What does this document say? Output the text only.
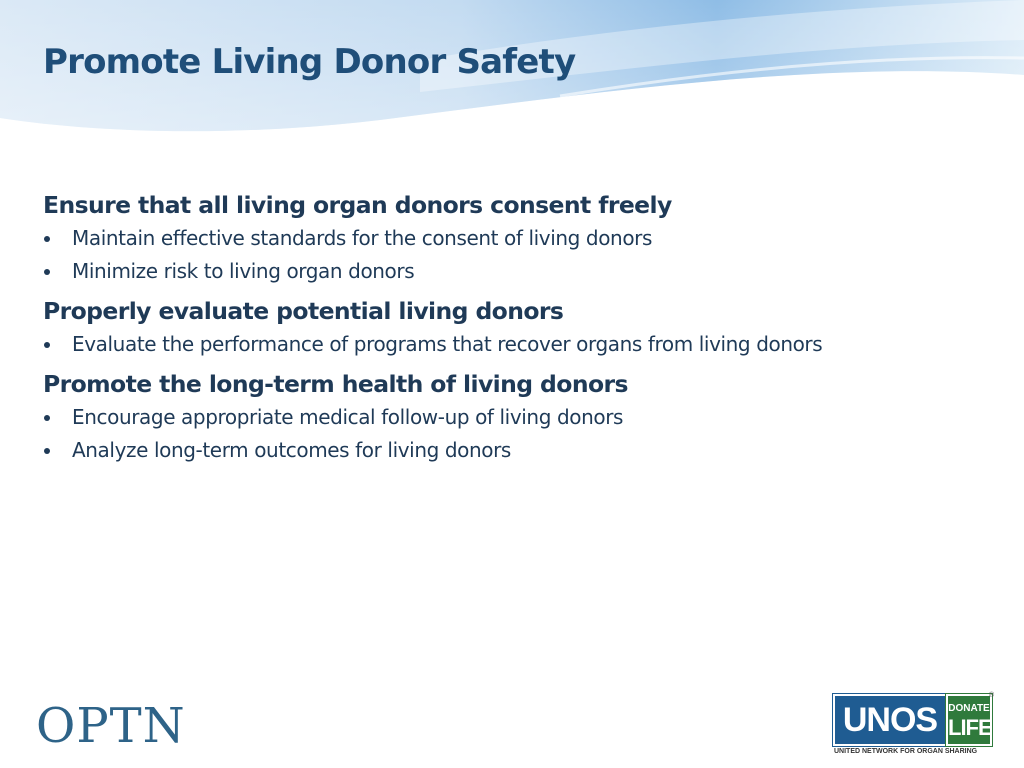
Promote Living Donor Safety
Ensure that all living organ donors consent freely
Maintain effective standards for the consent of living donors
Minimize risk to living organ donors
Properly evaluate potential living donors
Evaluate the performance of programs that recover organs from living donors
Promote the long-term health of living donors
Encourage appropriate medical follow-up of living donors
Analyze long-term outcomes for living donors
OPTN	UNOS	DONATE
LIFE
®
UNITED NETWORK FOR ORGAN SHARING
